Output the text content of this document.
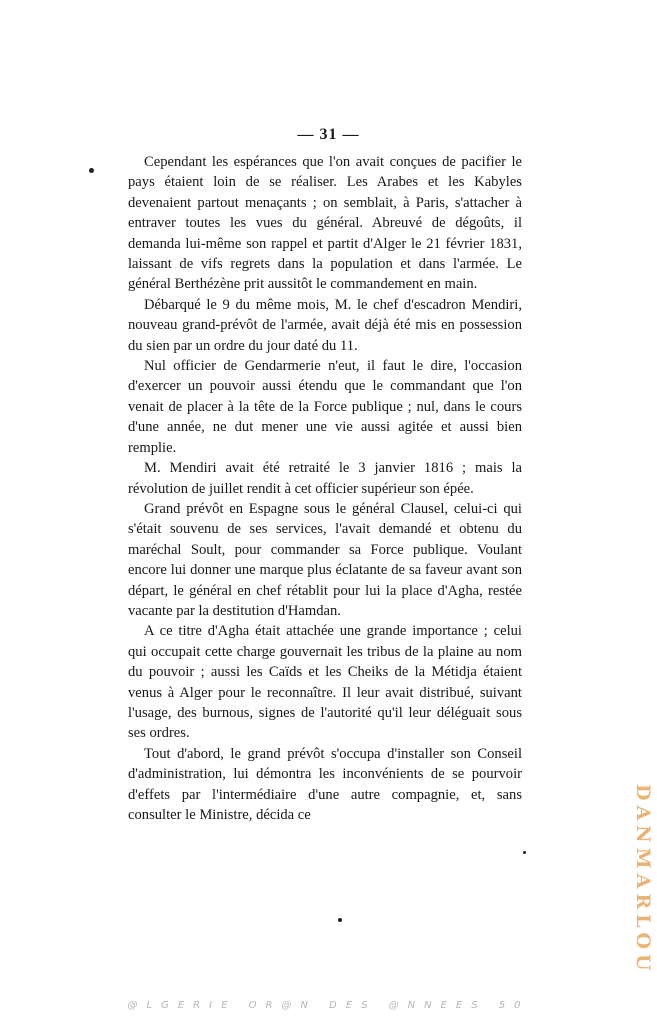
— 31 —

Cependant les espérances que l'on avait conçues de pacifier le pays étaient loin de se réaliser. Les Arabes et les Kabyles devenaient partout menaçants ; on semblait, à Paris, s'attacher à entraver toutes les vues du général. Abreuvé de dégoûts, il demanda lui-même son rappel et partit d'Alger le 21 février 1831, laissant de vifs regrets dans la population et dans l'armée. Le général Berthézène prit aussitôt le commandement en main.

Débarqué le 9 du même mois, M. le chef d'escadron Mendiri, nouveau grand-prévôt de l'armée, avait déjà été mis en possession du sien par un ordre du jour daté du 11.

Nul officier de Gendarmerie n'eut, il faut le dire, l'occasion d'exercer un pouvoir aussi étendu que le commandant que l'on venait de placer à la tête de la Force publique ; nul, dans le cours d'une année, ne dut mener une vie aussi agitée et aussi bien remplie.

M. Mendiri avait été retraité le 3 janvier 1816 ; mais la révolution de juillet rendit à cet officier supérieur son épée.

Grand prévôt en Espagne sous le général Clausel, celui-ci qui s'était souvenu de ses services, l'avait demandé et obtenu du maréchal Soult, pour commander sa Force publique. Voulant encore lui donner une marque plus éclatante de sa faveur avant son départ, le général en chef rétablit pour lui la place d'Agha, restée vacante par la destitution d'Hamdan.

A ce titre d'Agha était attachée une grande importance ; celui qui occupait cette charge gouvernait les tribus de la plaine au nom du pouvoir ; aussi les Caïds et les Cheiks de la Métidja étaient venus à Alger pour le reconnaître. Il leur avait distribué, suivant l'usage, des burnous, signes de l'autorité qu'il leur déléguait sous ses ordres.

Tout d'abord, le grand prévôt s'occupa d'installer son Conseil d'administration, lui démontra les inconvénients de se pourvoir d'effets par l'intermédiaire d'une autre compagnie, et, sans consulter le Ministre, décida ce	DANMARLOU
@LGERIE OR@N DES @NNEES 50
